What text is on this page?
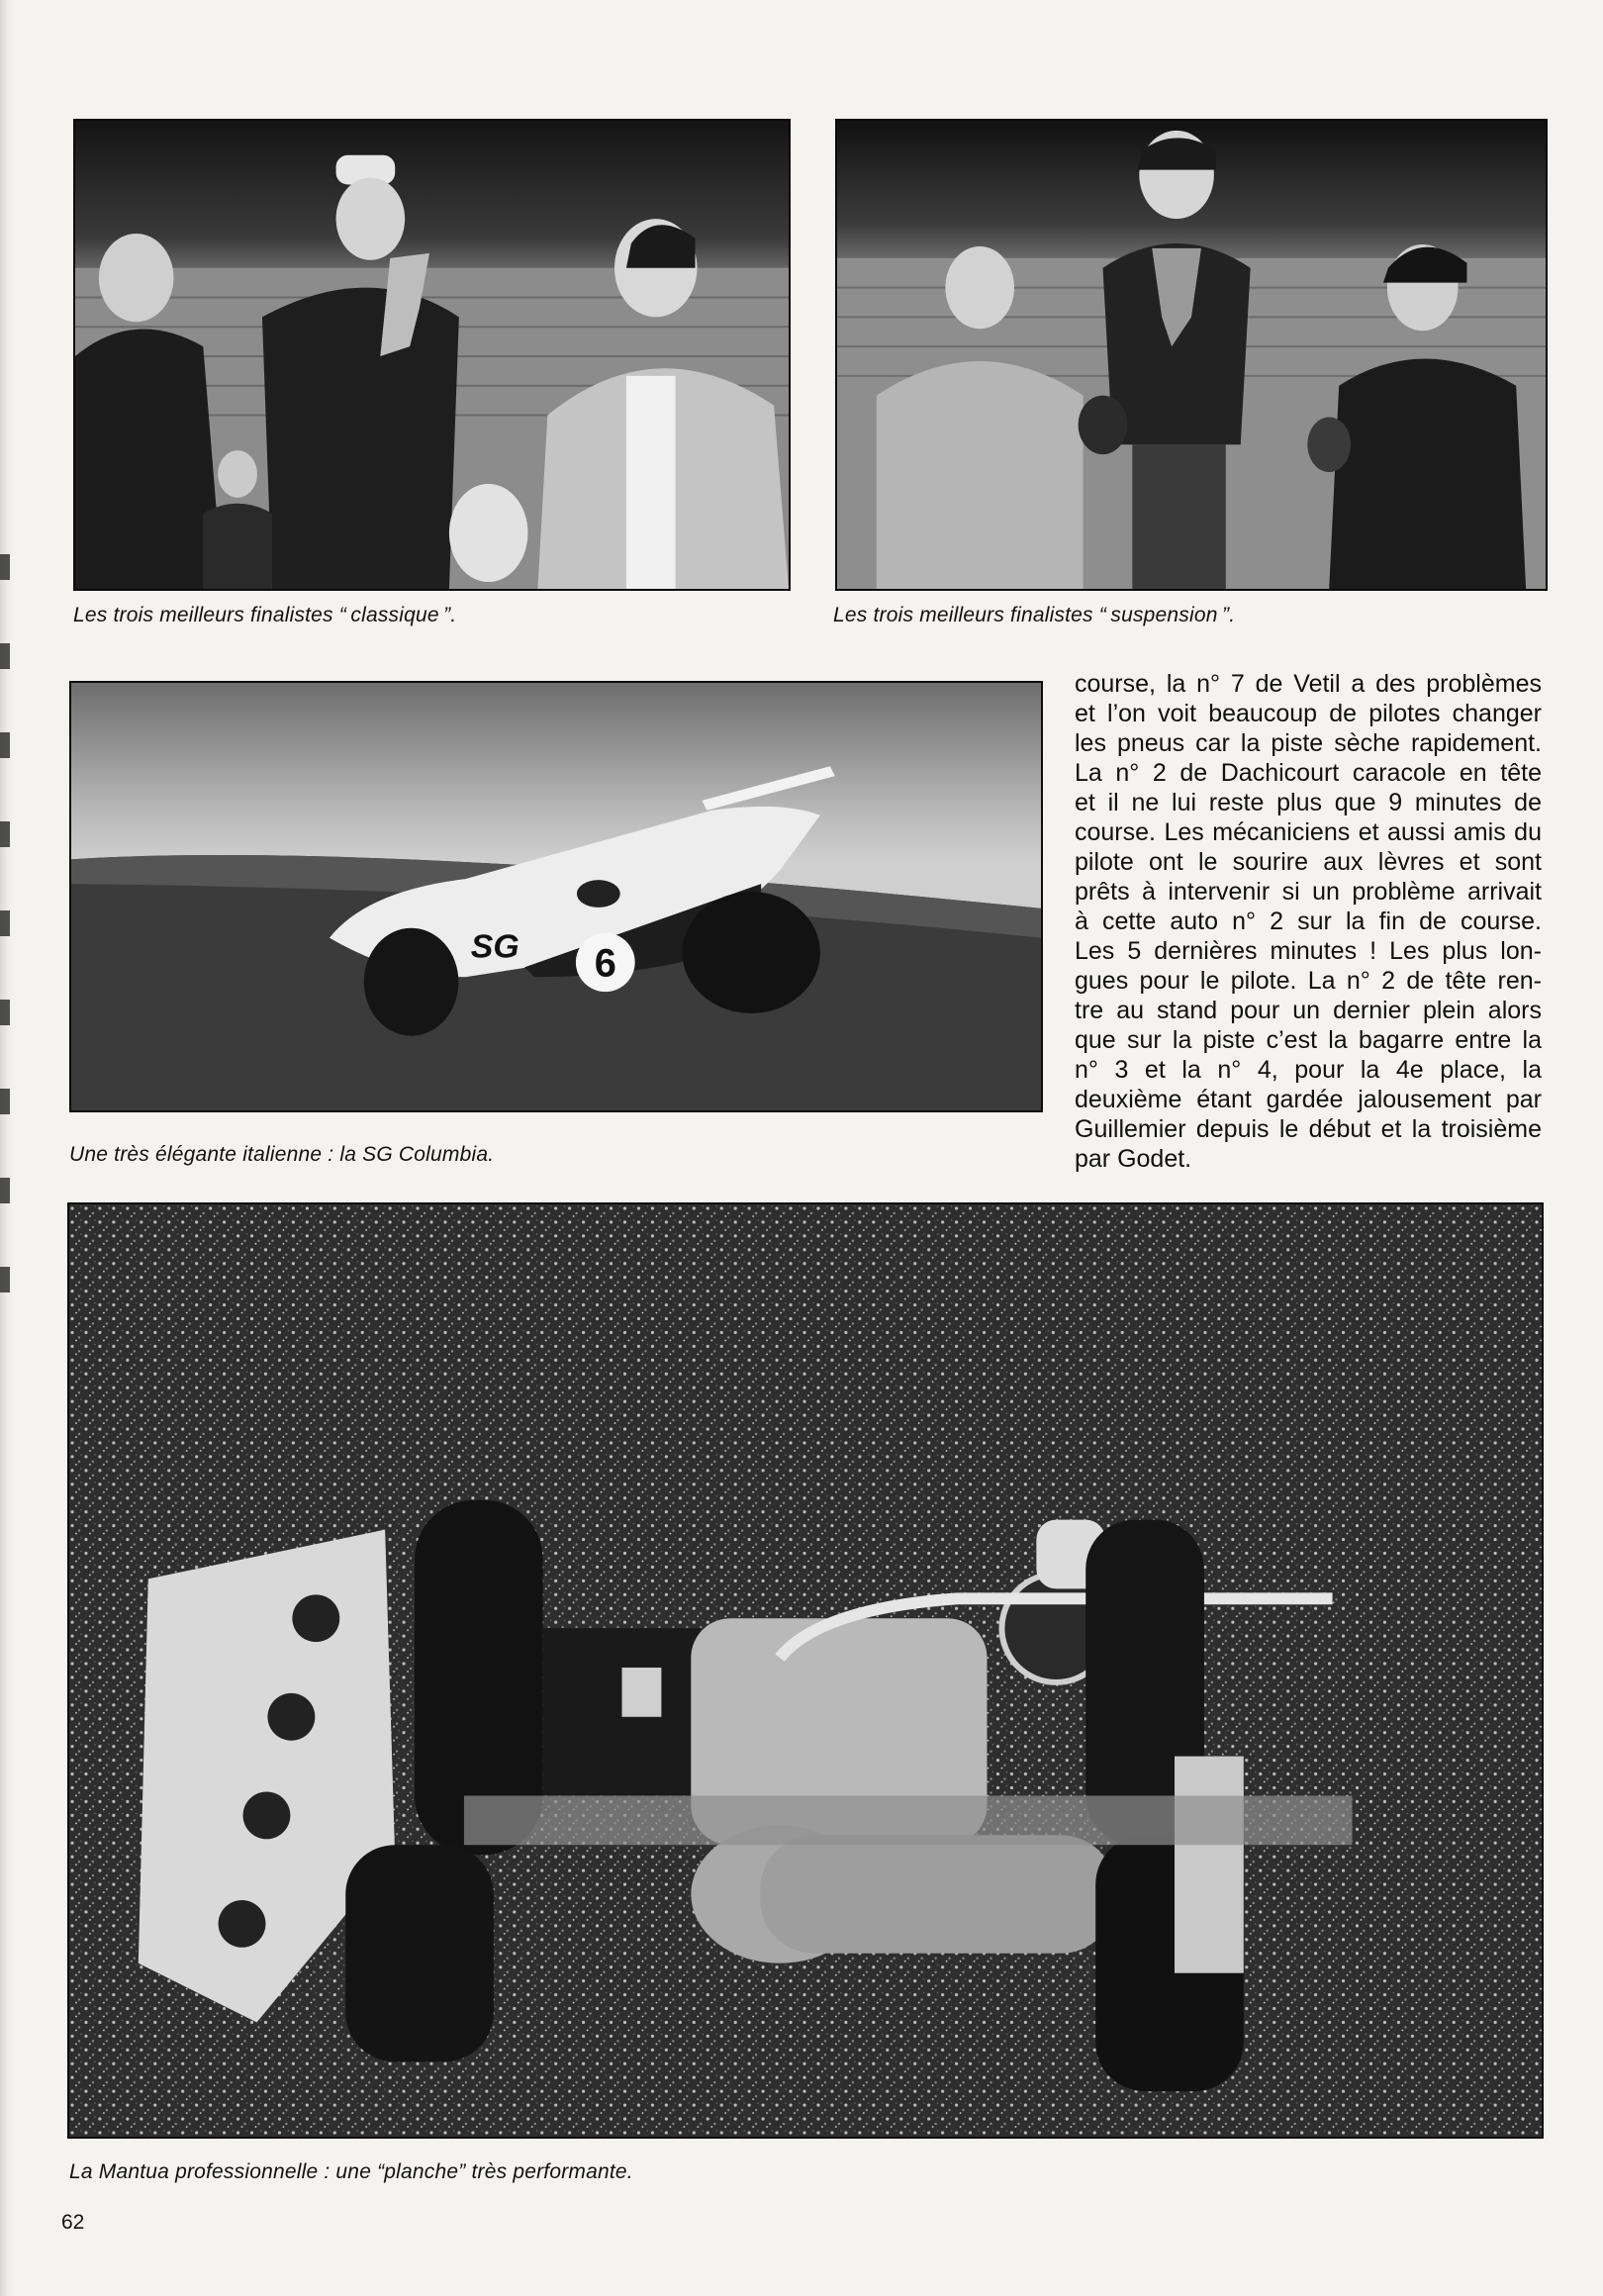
Les trois meilleurs finalistes “ classique ”.	Les trois meilleurs finalistes “ suspension ”.
6
SG
Une très élégante italienne : la SG Columbia.
course, la n° 7 de Vetil a des problèmes
et l’on voit beaucoup de pilotes changer
les pneus car la piste sèche rapidement.
La n° 2 de Dachicourt caracole en tête
et il ne lui reste plus que 9 minutes de
course. Les mécaniciens et aussi amis du
pilote ont le sourire aux lèvres et sont
prêts à intervenir si un problème arrivait
à cette auto n° 2 sur la fin de course.
Les 5 dernières minutes ! Les plus lon-
gues pour le pilote. La n° 2 de tête ren-
tre au stand pour un dernier plein alors
que sur la piste c’est la bagarre entre la
n° 3 et la n° 4, pour la 4e place, la
deuxième étant gardée jalousement par
Guillemier depuis le début et la troisième
par Godet.
La Mantua professionnelle : une “planche” très performante.
62
